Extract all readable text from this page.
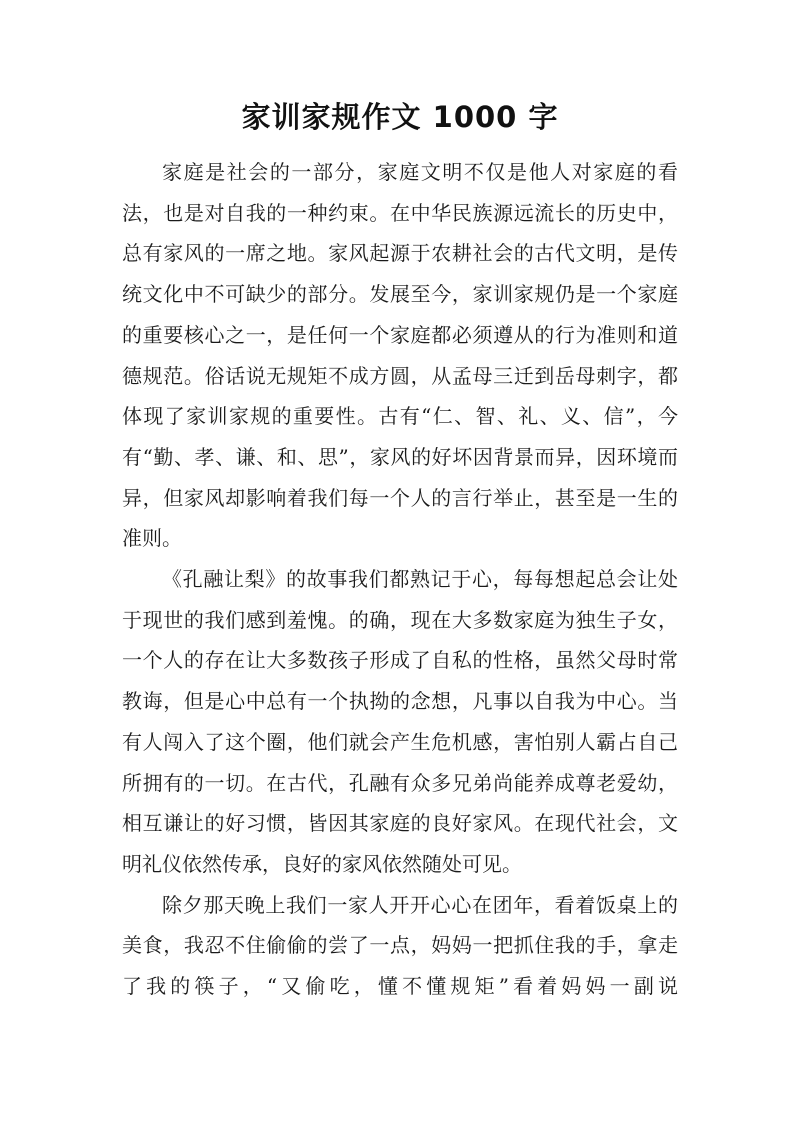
家训家规作文 1000 字

家庭是社会的一部分，家庭文明不仅是他人对家庭的看法，也是对自我的一种约束。在中华民族源远流长的历史中，总有家风的一席之地。家风起源于农耕社会的古代文明，是传统文化中不可缺少的部分。发展至今，家训家规仍是一个家庭的重要核心之一，是任何一个家庭都必须遵从的行为准则和道德规范。俗话说无规矩不成方圆，从孟母三迁到岳母刺字，都体现了家训家规的重要性。古有“仁、智、礼、义、信”，今有“勤、孝、谦、和、思”，家风的好坏因背景而异，因环境而异，但家风却影响着我们每一个人的言行举止，甚至是一生的准则。

《孔融让梨》的故事我们都熟记于心，每每想起总会让处于现世的我们感到羞愧。的确，现在大多数家庭为独生子女，一个人的存在让大多数孩子形成了自私的性格，虽然父母时常教诲，但是心中总有一个执拗的念想，凡事以自我为中心。当有人闯入了这个圈，他们就会产生危机感，害怕别人霸占自己所拥有的一切。在古代，孔融有众多兄弟尚能养成尊老爱幼，相互谦让的好习惯，皆因其家庭的良好家风。在现代社会，文明礼仪依然传承，良好的家风依然随处可见。

除夕那天晚上我们一家人开开心心在团年，看着饭桌上的美食，我忍不住偷偷的尝了一点，妈妈一把抓住我的手，拿走了我的筷子，“又偷吃，懂不懂规矩”看着妈妈一副说
